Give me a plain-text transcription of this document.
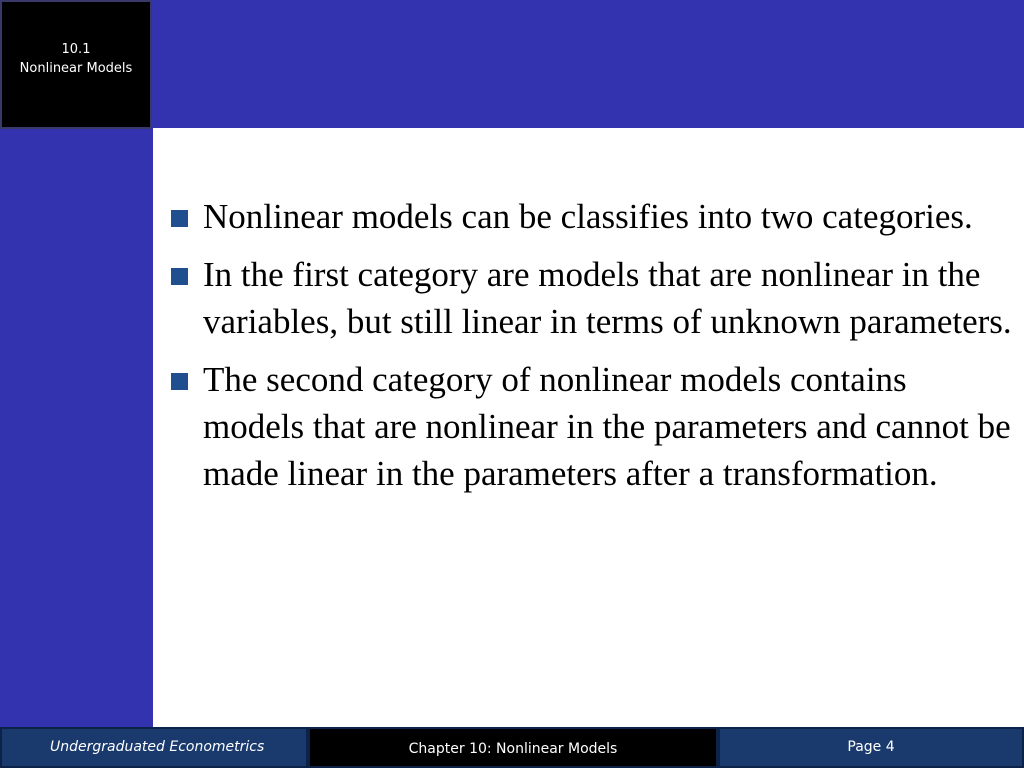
10.1
Nonlinear Models
Nonlinear models can be classifies into two categories.
In the first category are models that are nonlinear in the variables, but still linear in terms of unknown parameters.
The second category of nonlinear models contains models that are nonlinear in the parameters and cannot be made linear in the parameters after a transformation.
Undergraduated Econometrics	Chapter 10: Nonlinear Models	Page 4
